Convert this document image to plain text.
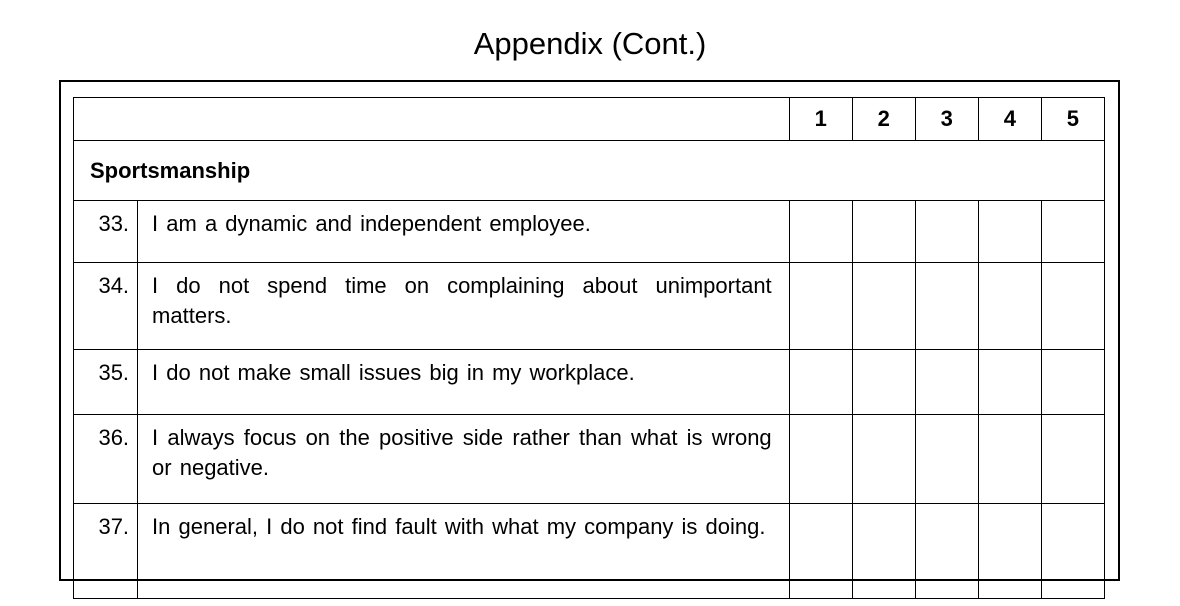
Appendix (Cont.)
		1	2	3	4	5
Sportsmanship						
33.	I am a dynamic and independent employee.					
34.	I do not spend time on complaining about unimportant matters.					
35.	I do not make small issues big in my workplace.					
36.	I always focus on the positive side rather than what is wrong or negative.					
37.	In general, I do not find fault with what my company is doing.					
